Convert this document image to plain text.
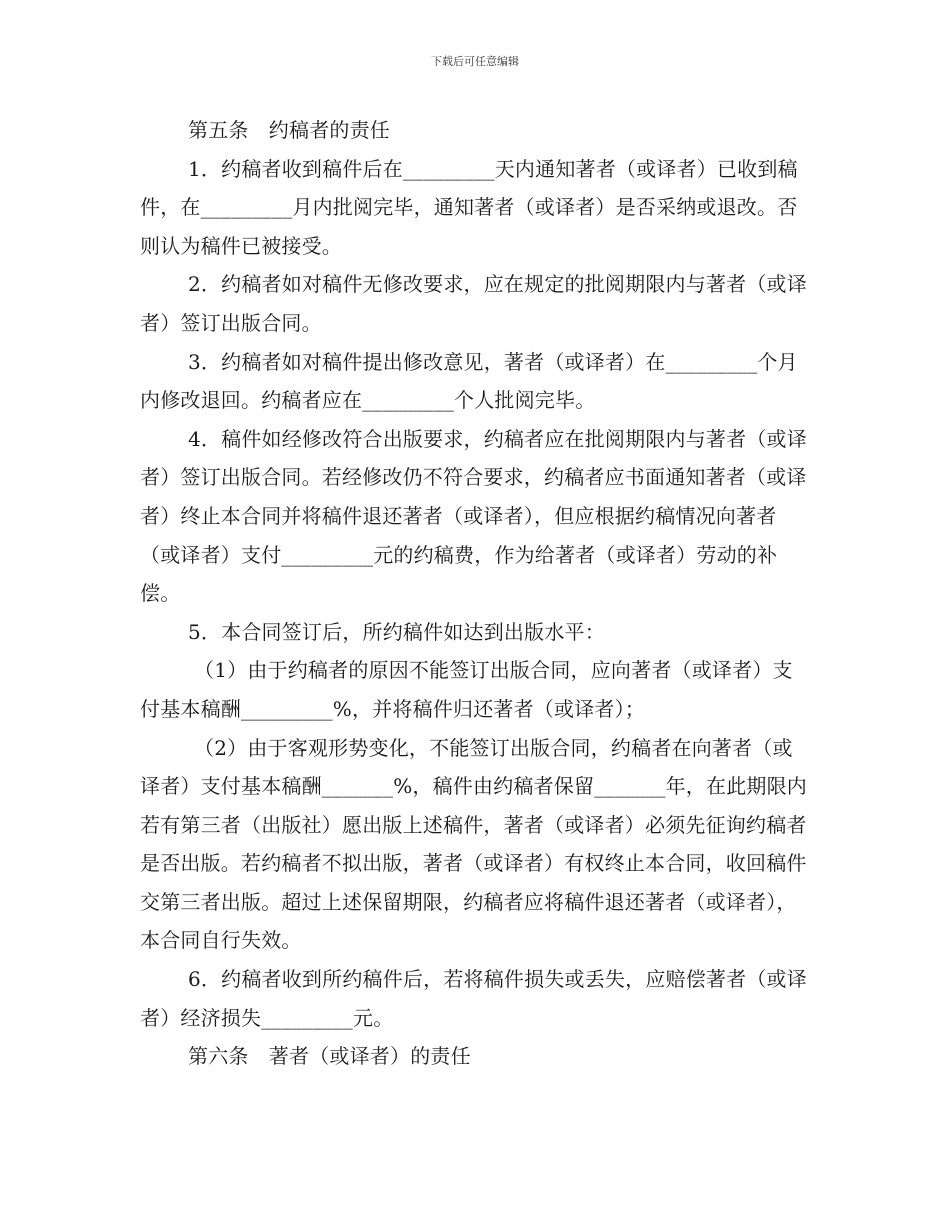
下载后可任意编辑

第五条　约稿者的责任

1．约稿者收到稿件后在_________天内通知著者（或译者）已收到稿件，在_________月内批阅完毕，通知著者（或译者）是否采纳或退改。否则认为稿件已被接受。

2．约稿者如对稿件无修改要求，应在规定的批阅期限内与著者（或译者）签订出版合同。

3．约稿者如对稿件提出修改意见，著者（或译者）在_________个月内修改退回。约稿者应在_________个人批阅完毕。

4．稿件如经修改符合出版要求，约稿者应在批阅期限内与著者（或译者）签订出版合同。若经修改仍不符合要求，约稿者应书面通知著者（或译者）终止本合同并将稿件退还著者（或译者），但应根据约稿情况向著者（或译者）支付_________元的约稿费，作为给著者（或译者）劳动的补偿。

5．本合同签订后，所约稿件如达到出版水平：

（1）由于约稿者的原因不能签订出版合同，应向著者（或译者）支付基本稿酬_________%，并将稿件归还著者（或译者）；

（2）由于客观形势变化，不能签订出版合同，约稿者在向著者（或译者）支付基本稿酬_______%，稿件由约稿者保留_______年，在此期限内若有第三者（出版社）愿出版上述稿件，著者（或译者）必须先征询约稿者是否出版。若约稿者不拟出版，著者（或译者）有权终止本合同，收回稿件交第三者出版。超过上述保留期限，约稿者应将稿件退还著者（或译者），本合同自行失效。

6．约稿者收到所约稿件后，若将稿件损失或丢失，应赔偿著者（或译者）经济损失_________元。

第六条　著者（或译者）的责任
